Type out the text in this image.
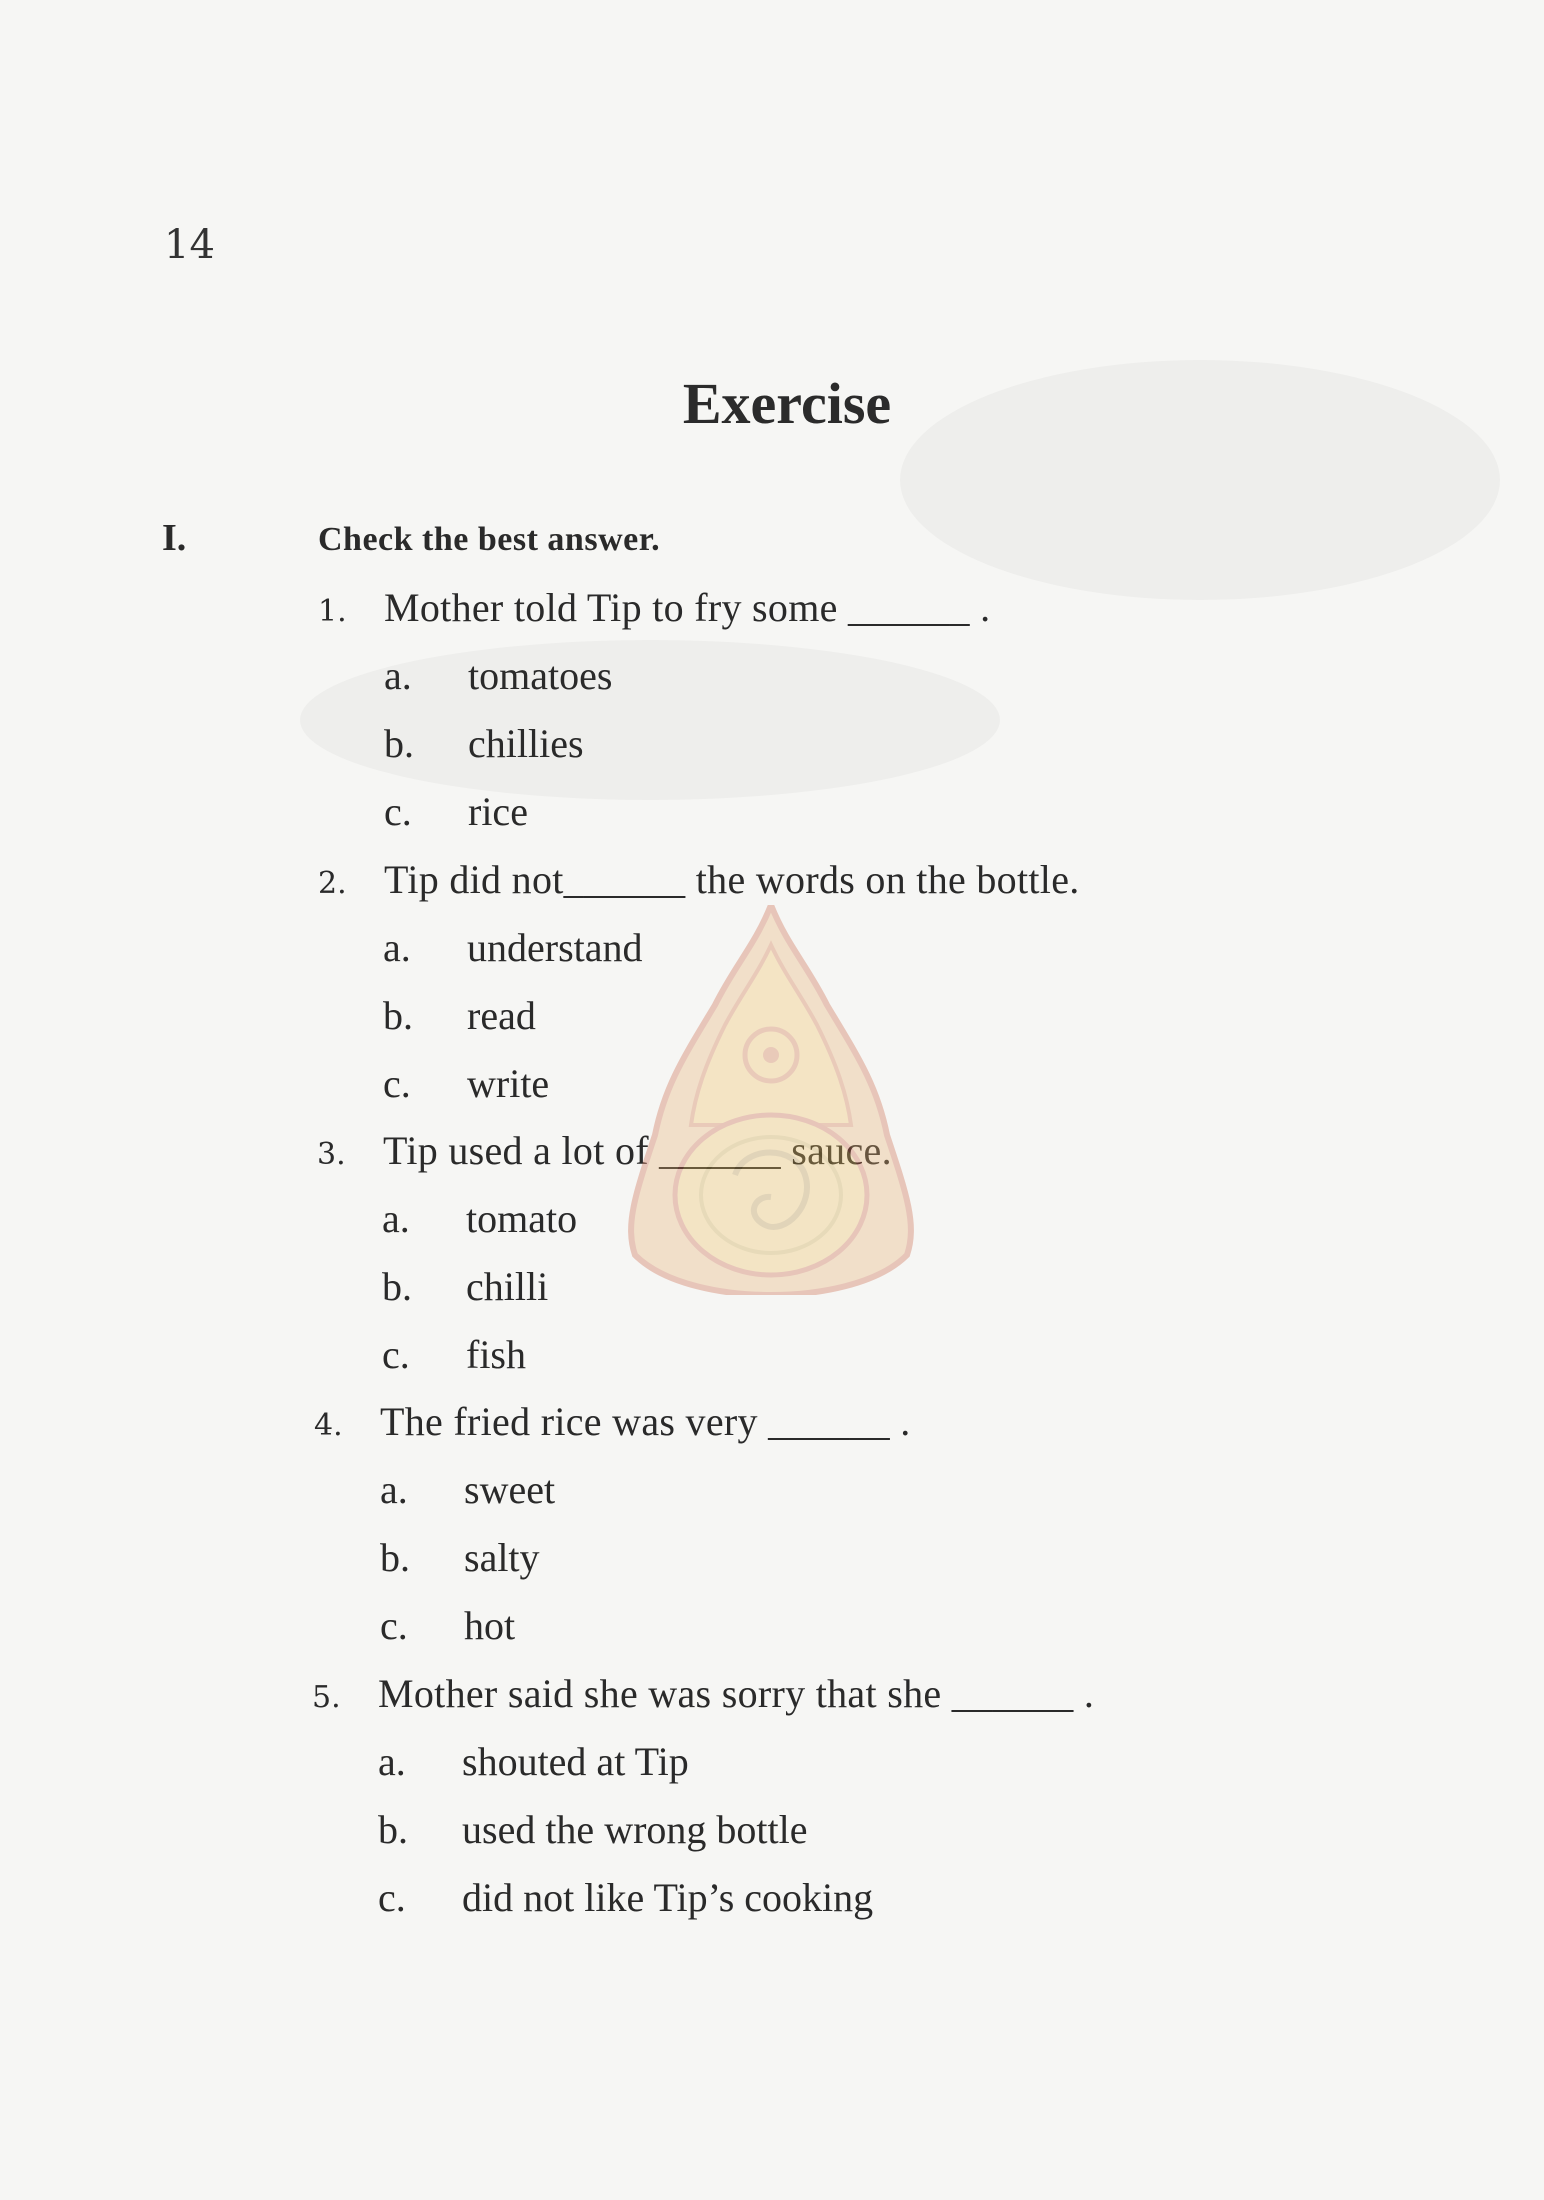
14
Exercise
I.	Check the best answer.
1. Mother told Tip to fry some ______ .
a. tomatoes
b. chillies
c. rice
2. Tip did not______ the words on the bottle.
a. understand
b. read
c. write
3. Tip used a lot of ______ sauce.
a. tomato
b. chilli
c. fish
4. The fried rice was very ______ .
a. sweet
b. salty
c. hot
5. Mother said she was sorry that she ______ .
a. shouted at Tip
b. used the wrong bottle
c. did not like Tip’s cooking
